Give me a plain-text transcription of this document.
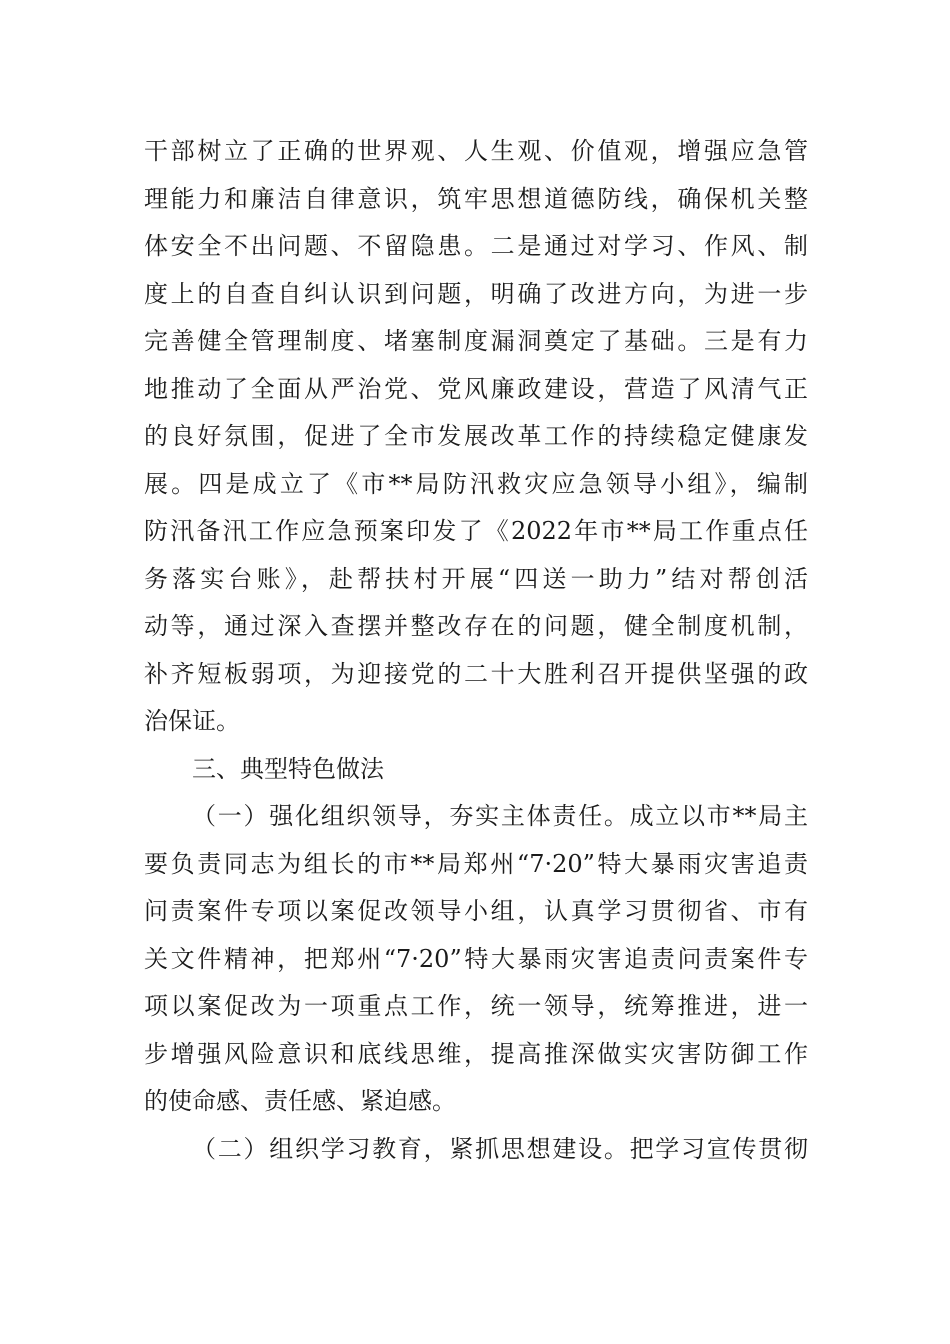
干部树立了正确的世界观、人生观、价值观，增强应急管
理能力和廉洁自律意识，筑牢思想道德防线，确保机关整
体安全不出问题、不留隐患。二是通过对学习、作风、制
度上的自查自纠认识到问题，明确了改进方向，为进一步
完善健全管理制度、堵塞制度漏洞奠定了基础。三是有力
地推动了全面从严治党、党风廉政建设，营造了风清气正
的良好氛围，促进了全市发展改革工作的持续稳定健康发
展。四是成立了《市**局防汛救灾应急领导小组》，编制
防汛备汛工作应急预案印发了《2022年市**局工作重点任
务落实台账》，赴帮扶村开展“四送一助力”结对帮创活
动等，通过深入查摆并整改存在的问题，健全制度机制，
补齐短板弱项，为迎接党的二十大胜利召开提供坚强的政
治保证。
三、典型特色做法
（一）强化组织领导，夯实主体责任。成立以市**局主
要负责同志为组长的市**局郑州“7·20”特大暴雨灾害追责
问责案件专项以案促改领导小组，认真学习贯彻省、市有
关文件精神，把郑州“7·20”特大暴雨灾害追责问责案件专
项以案促改为一项重点工作，统一领导，统筹推进，进一
步增强风险意识和底线思维，提高推深做实灾害防御工作
的使命感、责任感、紧迫感。
（二）组织学习教育，紧抓思想建设。把学习宣传贯彻
